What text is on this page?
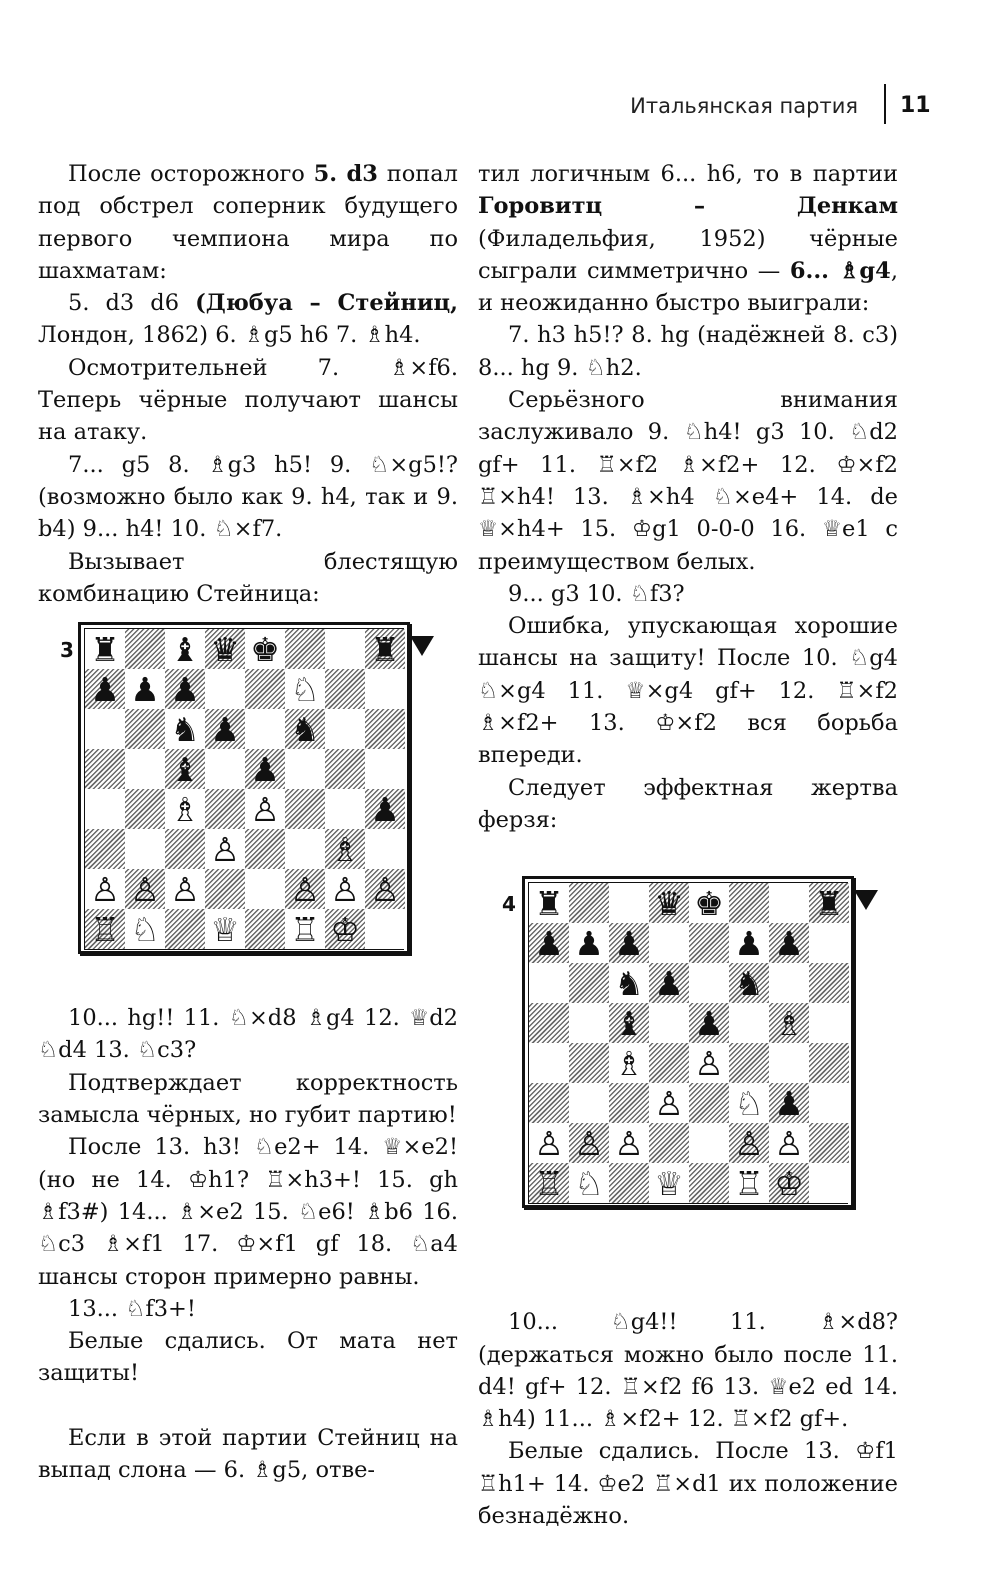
Итальянская партия 11

После осторожного 5. d3 попал под обстрел соперник будущего первого чемпиона мира по шахматам:

5. d3 d6 (Дюбуа – Стейниц, Лондон, 1862) 6. ♗g5 h6 7. ♗h4.

Осмотрительней 7. ♗×f6. Теперь чёрные получают шансы на атаку.

7... g5 8. ♗g3 h5! 9. ♘×g5!? (возможно было как 9. h4, так и 9. b4) 9... h4! 10. ♘×f7.

Вызывает блестящую комбинацию Стейница:

3 ♜ ♝ ♛ ♚	♜
♟ ♟ ♟	♘
♞ ♟ ♞
♝ ♟
♗ ♙	♟
♙	♗
♙ ♙ ♙	♙ ♙ ♙
♖ ♘ ♕ ♖ ♔

10... hg!! 11. ♘×d8 ♗g4 12. ♕d2 ♘d4 13. ♘c3?

Подтверждает корректность замысла чёрных, но губит партию!

После 13. h3! ♘e2+ 14. ♕×e2! (но не 14. ♔h1? ♖×h3+! 15. gh ♗f3#) 14... ♗×e2 15. ♘e6! ♗b6 16. ♘c3 ♗×f1 17. ♔×f1 gf 18. ♘a4 шансы сторон примерно равны.

13... ♘f3+!

Белые сдались. От мата нет защиты!

Если в этой партии Стейниц на выпад слона — 6. ♗g5, отве-

тил логичным 6... h6, то в партии Горовитц – Денкам (Филадельфия, 1952) чёрные сыграли симметрично — 6... ♗g4, и неожиданно быстро выиграли:

7. h3 h5!? 8. hg (надёжней 8. c3) 8... hg 9. ♘h2.

Серьёзного внимания заслуживало 9. ♘h4! g3 10. ♘d2 gf+ 11. ♖×f2 ♗×f2+ 12. ♔×f2 ♖×h4! 13. ♗×h4 ♘×e4+ 14. de ♕×h4+ 15. ♔g1 0-0-0 16. ♕e1 с преимуществом белых.

9... g3 10. ♘f3?

Ошибка, упускающая хорошие шансы на защиту! После 10. ♘g4 ♘×g4 11. ♕×g4 gf+ 12. ♖×f2 ♗×f2+ 13. ♔×f2 вся борьба впереди.

Следует эффектная жертва ферзя:

4 ♜	♛ ♚	♜
♟ ♟ ♟	♟ ♟
♞ ♟ ♞
♝ ♟ ♗
♗ ♙
♙ ♘ ♟
♙ ♙ ♙	♙ ♙
♖ ♘ ♕ ♖ ♔

10... ♘g4!! 11. ♗×d8? (держаться можно было после 11. d4! gf+ 12. ♖×f2 f6 13. ♕e2 ed 14. ♗h4) 11... ♗×f2+ 12. ♖×f2 gf+.

Белые сдались. После 13. ♔f1 ♖h1+ 14. ♔e2 ♖×d1 их положение безнадёжно.
